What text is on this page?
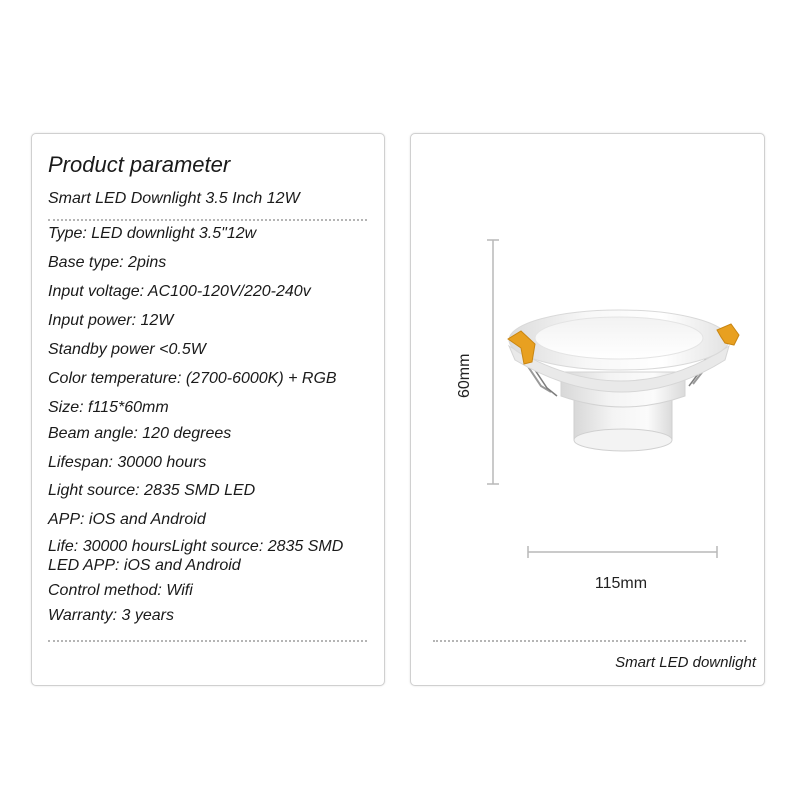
Product parameter
Smart LED Downlight 3.5 Inch 12W
Type: LED downlight 3.5"12w
Base type: 2pins
Input voltage: AC100-120V/220-240v
Input power: 12W
Standby power <0.5W
Color temperature: (2700-6000K) + RGB
Size: f115*60mm
Beam angle: 120 degrees
Lifespan: 30000 hours
Light source: 2835 SMD LED
APP: iOS and Android
Life: 30000 hoursLight source: 2835 SMD LED APP: iOS and Android
Control method: Wifi
Warranty: 3 years
60mm
115mm
Smart LED downlight
